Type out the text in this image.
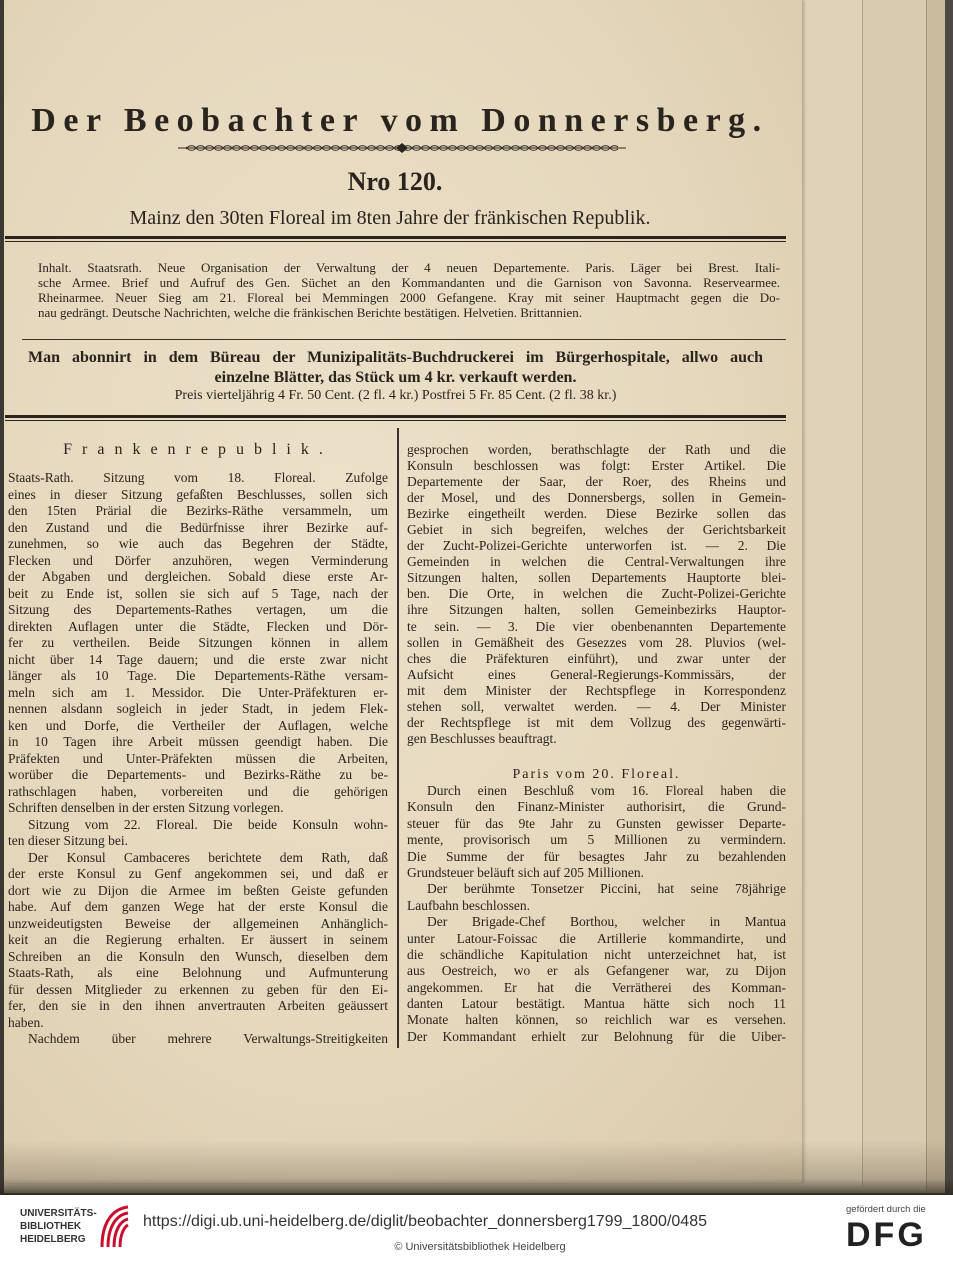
Der Beobachter vom Donnersberg.
Nro 120.
Mainz den 30ten Floreal im 8ten Jahre der fränkischen Republik.
Inhalt. Staatsrath. Neue Organisation der Verwaltung der 4 neuen Departemente. Paris. Läger bei Brest. Itali-
sche Armee. Brief und Aufruf des Gen. Süchet an den Kommandanten und die Garnison von Savonna. Reservearmee.
Rheinarmee. Neuer Sieg am 21. Floreal bei Memmingen 2000 Gefangene. Kray mit seiner Hauptmacht gegen die Do-
nau gedrängt. Deutsche Nachrichten, welche die fränkischen Berichte bestätigen. Helvetien. Brittannien.
Man abonnirt in dem Büreau der Munizipalitäts-Buchdruckerei im Bürgerhospitale, allwo auch
einzelne Blätter, das Stück um 4 kr. verkauft werden.
Preis vierteljährig 4 Fr. 50 Cent. (2 fl. 4 kr.) Postfrei 5 Fr. 85 Cent. (2 fl. 38 kr.)
Frankenrepublik.
Staats-Rath. Sitzung vom 18. Floreal. Zufolge
eines in dieser Sitzung gefaßten Beschlusses, sollen sich
den 15ten Prärial die Bezirks-Räthe versammeln, um
den Zustand und die Bedürfnisse ihrer Bezirke auf-
zunehmen, so wie auch das Begehren der Städte,
Flecken und Dörfer anzuhören, wegen Verminderung
der Abgaben und dergleichen. Sobald diese erste Ar-
beit zu Ende ist, sollen sie sich auf 5 Tage, nach der
Sitzung des Departements-Rathes vertagen, um die
direkten Auflagen unter die Städte, Flecken und Dör-
fer zu vertheilen. Beide Sitzungen können in allem
nicht über 14 Tage dauern; und die erste zwar nicht
länger als 10 Tage. Die Departements-Räthe versam-
meln sich am 1. Messidor. Die Unter-Präfekturen er-
nennen alsdann sogleich in jeder Stadt, in jedem Flek-
ken und Dorfe, die Vertheiler der Auflagen, welche
in 10 Tagen ihre Arbeit müssen geendigt haben. Die
Präfekten und Unter-Präfekten müssen die Arbeiten,
worüber die Departements- und Bezirks-Räthe zu be-
rathschlagen haben, vorbereiten und die gehörigen
Schriften denselben in der ersten Sitzung vorlegen.
Sitzung vom 22. Floreal. Die beide Konsuln wohn-
ten dieser Sitzung bei.
Der Konsul Cambaceres berichtete dem Rath, daß
der erste Konsul zu Genf angekommen sei, und daß er
dort wie zu Dijon die Armee im beßten Geiste gefunden
habe. Auf dem ganzen Wege hat der erste Konsul die
unzweideutigsten Beweise der allgemeinen Anhänglich-
keit an die Regierung erhalten. Er äussert in seinem
Schreiben an die Konsuln den Wunsch, dieselben dem
Staats-Rath, als eine Belohnung und Aufmunterung
für dessen Mitglieder zu erkennen zu geben für den Ei-
fer, den sie in den ihnen anvertrauten Arbeiten geäussert
haben.
Nachdem über mehrere Verwaltungs-Streitigkeiten
gesprochen worden, berathschlagte der Rath und die
Konsuln beschlossen was folgt: Erster Artikel. Die
Departemente der Saar, der Roer, des Rheins und
der Mosel, und des Donnersbergs, sollen in Gemein-
Bezirke eingetheilt werden. Diese Bezirke sollen das
Gebiet in sich begreifen, welches der Gerichtsbarkeit
der Zucht-Polizei-Gerichte unterworfen ist. — 2. Die
Gemeinden in welchen die Central-Verwaltungen ihre
Sitzungen halten, sollen Departements Hauptorte blei-
ben. Die Orte, in welchen die Zucht-Polizei-Gerichte
ihre Sitzungen halten, sollen Gemeinbezirks Hauptor-
te sein. — 3. Die vier obenbenannten Departemente
sollen in Gemäßheit des Gesezzes vom 28. Pluvios (wel-
ches die Präfekturen einführt), und zwar unter der
Aufsicht eines General-Regierungs-Kommissärs, der
mit dem Minister der Rechtspflege in Korrespondenz
stehen soll, verwaltet werden. — 4. Der Minister
der Rechtspflege ist mit dem Vollzug des gegenwärti-
gen Beschlusses beauftragt.
Paris vom 20. Floreal.
Durch einen Beschluß vom 16. Floreal haben die
Konsuln den Finanz-Minister authorisirt, die Grund-
steuer für das 9te Jahr zu Gunsten gewisser Departe-
mente, provisorisch um 5 Millionen zu vermindern.
Die Summe der für besagtes Jahr zu bezahlenden
Grundsteuer beläuft sich auf 205 Millionen.
Der berühmte Tonsetzer Piccini, hat seine 78jährige
Laufbahn beschlossen.
Der Brigade-Chef Borthou, welcher in Mantua
unter Latour-Foissac die Artillerie kommandirte, und
die schändliche Kapitulation nicht unterzeichnet hat, ist
aus Oestreich, wo er als Gefangener war, zu Dijon
angekommen. Er hat die Verrätherei des Komman-
danten Latour bestätigt. Mantua hätte sich noch 11
Monate halten können, so reichlich war es versehen.
Der Kommandant erhielt zur Belohnung für die Uiber-
UNIVERSITÄTS-
BIBLIOTHEK
HEIDELBERG
https://digi.ub.uni-heidelberg.de/diglit/beobachter_donnersberg1799_1800/0485
© Universitätsbibliothek Heidelberg
gefördert durch die
DFG
